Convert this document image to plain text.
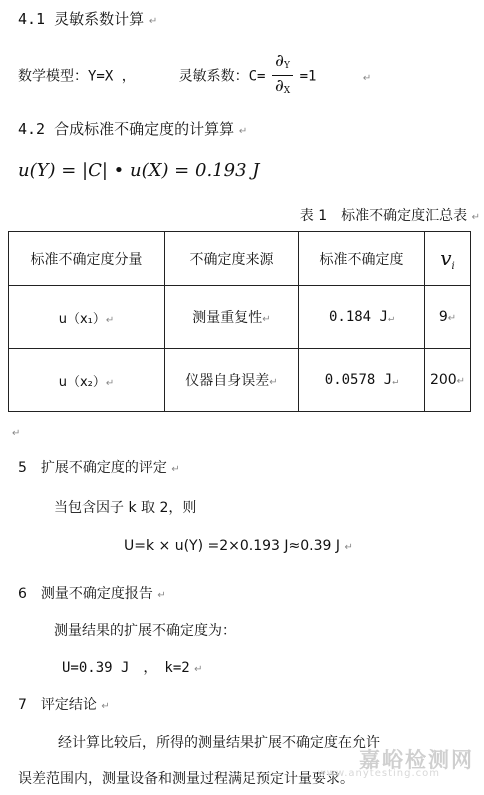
4.1 灵敏系数计算 ↵
数学模型：Y=X ，	灵敏系数：$C= \frac{\partial_Y}{\partial_X} =1$	↵
4.2 合成标准不确定度的计算算 ↵
u(Y) = |C| • u(X) = 0.193 J
表 1　标准不确定度汇总表 ↵
标准不确定度分量	不确定度来源	标准不确定度	$v_i$
u（x₁）↵	测量重复性↵	0.184 J↵	9↵
u（x₂）↵	仪器自身误差↵	0.0578 J↵	200↵
↵
5　扩展不确定度的评定 ↵
当包含因子 k 取 2，则
U=k × u(Y) =2×0.193 J≈0.39 J ↵
6　测量不确定度报告 ↵
测量结果的扩展不确定度为：
U=0.39 J　，　k=2 ↵
7　评定结论 ↵
经计算比较后，所得的测量结果扩展不确定度在允许
误差范围内，测量设备和测量过程满足预定计量要求。
嘉峪检测网
www.anytesting.com
